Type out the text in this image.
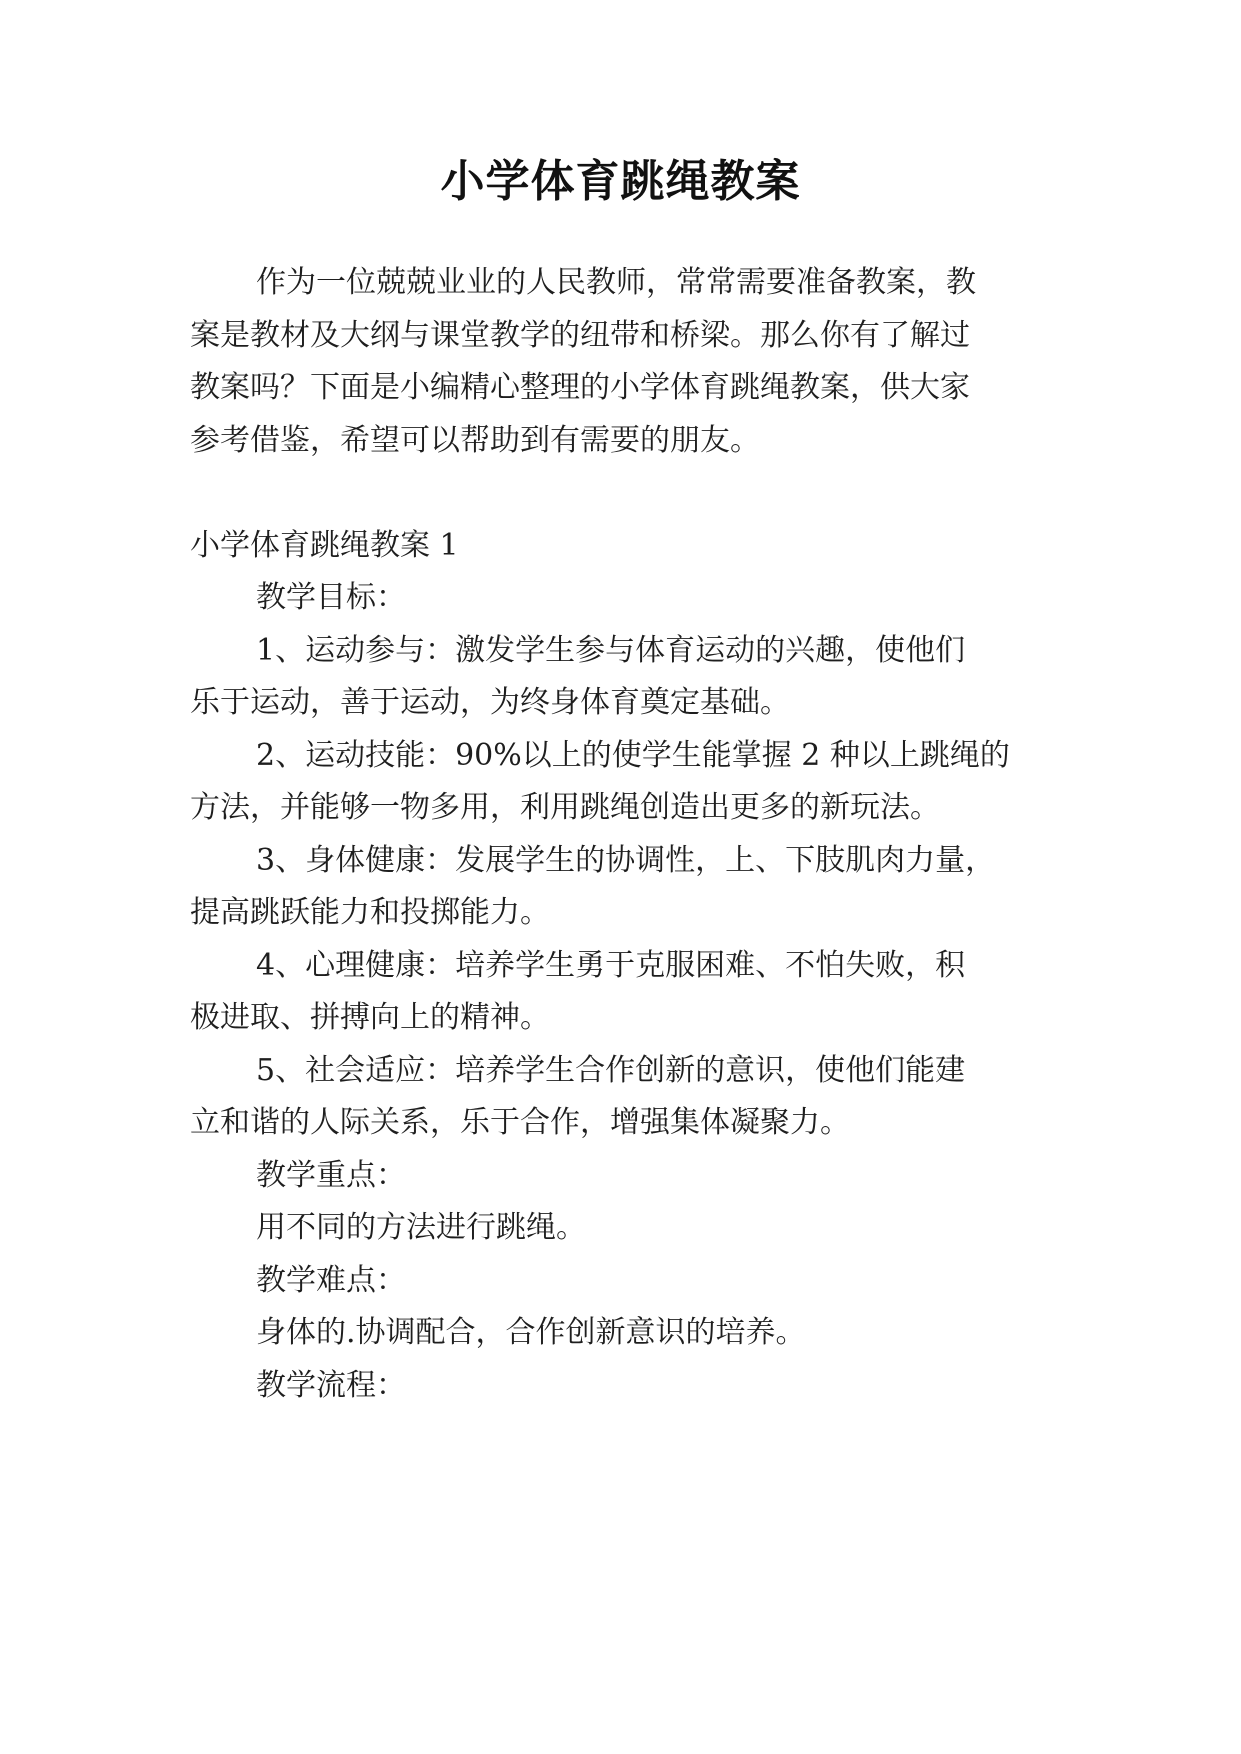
小学体育跳绳教案
作为一位兢兢业业的人民教师，常常需要准备教案，教
案是教材及大纲与课堂教学的纽带和桥梁。那么你有了解过
教案吗？下面是小编精心整理的小学体育跳绳教案，供大家
参考借鉴，希望可以帮助到有需要的朋友。
小学体育跳绳教案 1
教学目标：
1、运动参与：激发学生参与体育运动的兴趣，使他们
乐于运动，善于运动，为终身体育奠定基础。
2、运动技能：90%以上的使学生能掌握 2 种以上跳绳的
方法，并能够一物多用，利用跳绳创造出更多的新玩法。
3、身体健康：发展学生的协调性，上、下肢肌肉力量，
提高跳跃能力和投掷能力。
4、心理健康：培养学生勇于克服困难、不怕失败，积
极进取、拼搏向上的精神。
5、社会适应：培养学生合作创新的意识，使他们能建
立和谐的人际关系，乐于合作，增强集体凝聚力。
教学重点：
用不同的方法进行跳绳。
教学难点：
身体的.协调配合，合作创新意识的培养。
教学流程：
